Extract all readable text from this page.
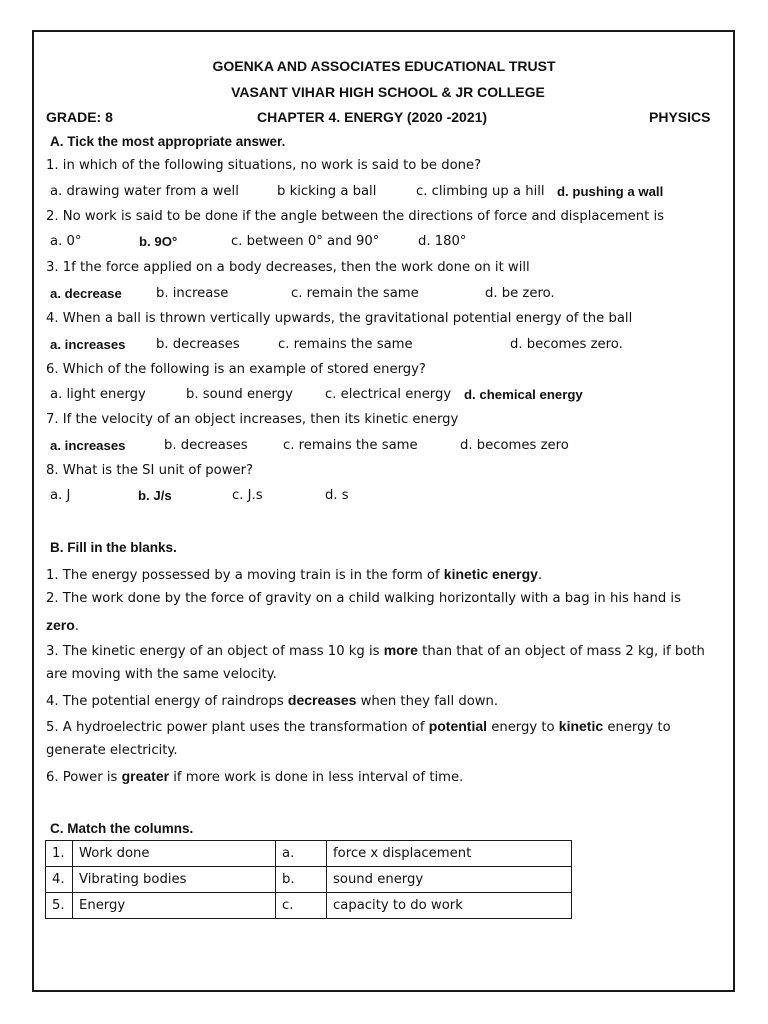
GOENKA AND ASSOCIATES EDUCATIONAL TRUST
VASANT VIHAR HIGH SCHOOL & JR COLLEGE
GRADE: 8	CHAPTER 4. ENERGY (2020 -2021)	PHYSICS
A. Tick the most appropriate answer.
1. in which of the following situations, no work is said to be done?
a. drawing water from a well	b kicking a ball	c. climbing up a hill d. pushing a wall
2. No work is said to be done if the angle between the directions of force and displacement is
a. 0°	b. 9O°	c. between 0° and 90°	d. 180°
3. 1f the force applied on a body decreases, then the work done on it will
a. decrease	b. increase	c. remain the same	d. be zero.
4. When a ball is thrown vertically upwards, the gravitational potential energy of the ball
a. increases b. decreases	c. remains the same	d. becomes zero.
6. Which of the following is an example of stored energy?
a. light energy	b. sound energy c. electrical energy d. chemical energy
7. If the velocity of an object increases, then its kinetic energy
a. increases	b. decreases	c. remains the same	d. becomes zero
8. What is the SI unit of power?
a. J	b. J/s	c. J.s	d. s
B. Fill in the blanks.
1. The energy possessed by a moving train is in the form of kinetic energy.
2. The work done by the force of gravity on a child walking horizontally with a bag in his hand is
zero.
3. The kinetic energy of an object of mass 10 kg is more than that of an object of mass 2 kg, if both
are moving with the same velocity.
4. The potential energy of raindrops decreases when they fall down.
5. A hydroelectric power plant uses the transformation of potential energy to kinetic energy to
generate electricity.
6. Power is greater if more work is done in less interval of time.
C. Match the columns.
1.	Work done	a.	force x displacement
4.	Vibrating bodies	b.	sound energy
5.	Energy	c.	capacity to do work
